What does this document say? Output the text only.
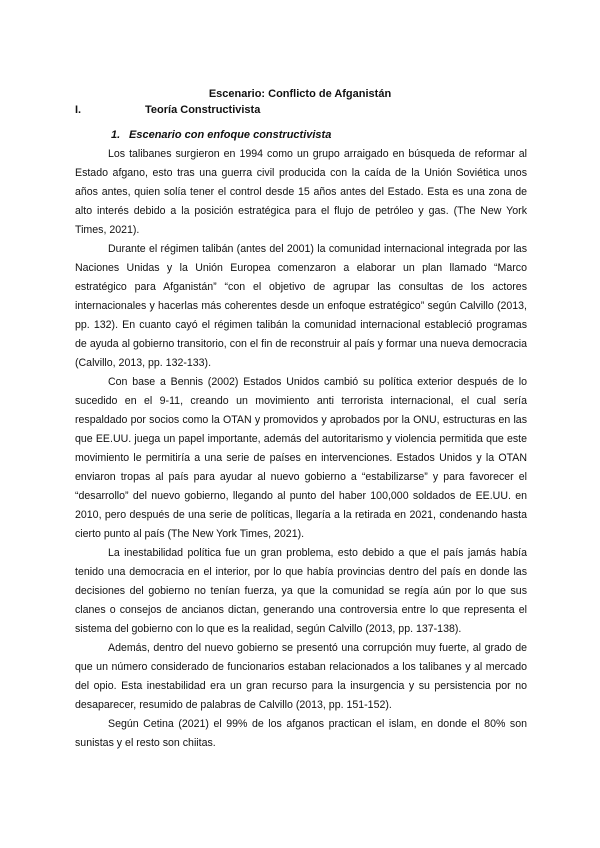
Escenario: Conflicto de Afganistán
I.	Teoría Constructivista
1. Escenario con enfoque constructivista

Los talibanes surgieron en 1994 como un grupo arraigado en búsqueda de reformar al Estado afgano, esto tras una guerra civil producida con la caída de la Unión Soviética unos años antes, quien solía tener el control desde 15 años antes del Estado. Esta es una zona de alto interés debido a la posición estratégica para el flujo de petróleo y gas. (The New York Times, 2021).

Durante el régimen talibán (antes del 2001) la comunidad internacional integrada por las Naciones Unidas y la Unión Europea comenzaron a elaborar un plan llamado “Marco estratégico para Afganistán” “con el objetivo de agrupar las consultas de los actores internacionales y hacerlas más coherentes desde un enfoque estratégico” según Calvillo (2013, pp. 132). En cuanto cayó el régimen talibán la comunidad internacional estableció programas de ayuda al gobierno transitorio, con el fin de reconstruir al país y formar una nueva democracia (Calvillo, 2013, pp. 132-133).

Con base a Bennis (2002) Estados Unidos cambió su política exterior después de lo sucedido en el 9-11, creando un movimiento anti terrorista internacional, el cual sería respaldado por socios como la OTAN y promovidos y aprobados por la ONU, estructuras en las que EE.UU. juega un papel importante, además del autoritarismo y violencia permitida que este movimiento le permitiría a una serie de países en intervenciones. Estados Unidos y la OTAN enviaron tropas al país para ayudar al nuevo gobierno a “estabilizarse” y para favorecer el “desarrollo” del nuevo gobierno, llegando al punto del haber 100,000 soldados de EE.UU. en 2010, pero después de una serie de políticas, llegaría a la retirada en 2021, condenando hasta cierto punto al país (The New York Times, 2021).

La inestabilidad política fue un gran problema, esto debido a que el país jamás había tenido una democracia en el interior, por lo que había provincias dentro del país en donde las decisiones del gobierno no tenían fuerza, ya que la comunidad se regía aún por lo que sus clanes o consejos de ancianos dictan, generando una controversia entre lo que representa el sistema del gobierno con lo que es la realidad, según Calvillo (2013, pp. 137-138).

Además, dentro del nuevo gobierno se presentó una corrupción muy fuerte, al grado de que un número considerado de funcionarios estaban relacionados a los talibanes y al mercado del opio. Esta inestabilidad era un gran recurso para la insurgencia y su persistencia por no desaparecer, resumido de palabras de Calvillo (2013, pp. 151-152).

Según Cetina (2021) el 99% de los afganos practican el islam, en donde el 80% son sunistas y el resto son chiitas.
